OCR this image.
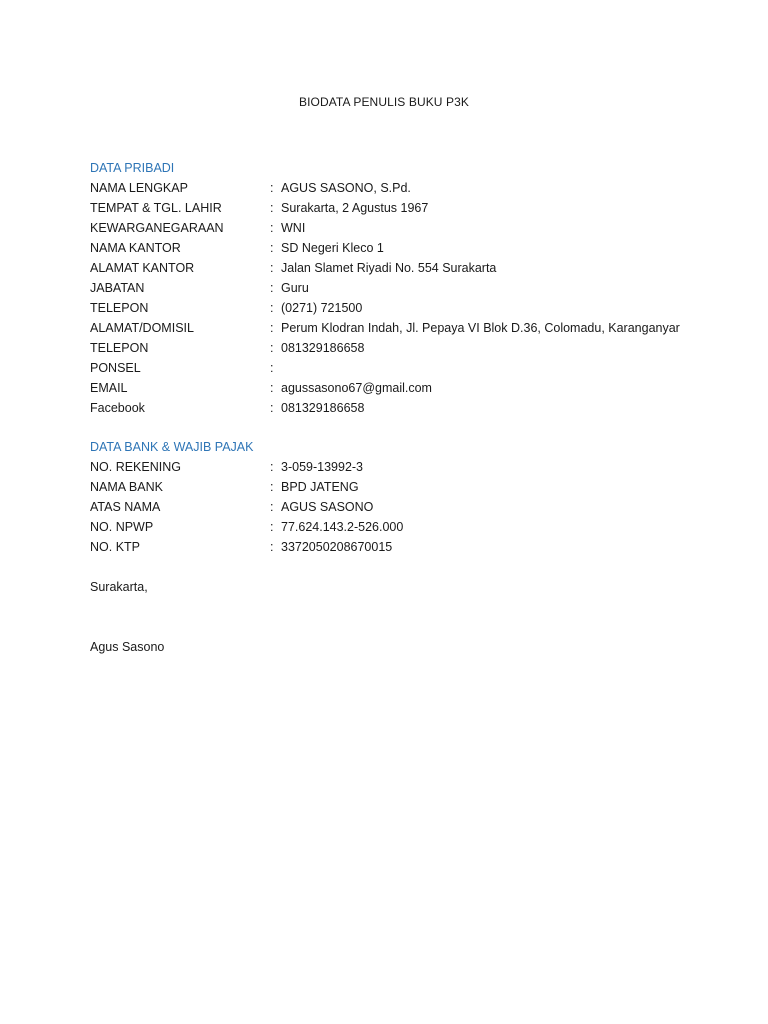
BIODATA PENULIS BUKU P3K
DATA PRIBADI
NAMA LENGKAP	: AGUS SASONO, S.Pd.
TEMPAT & TGL. LAHIR	: Surakarta, 2 Agustus 1967
KEWARGANEGARAAN	: WNI
NAMA KANTOR	: SD Negeri Kleco 1
ALAMAT KANTOR	: Jalan Slamet Riyadi No. 554 Surakarta
JABATAN	: Guru
TELEPON	: (0271) 721500
ALAMAT/DOMISIL	: Perum Klodran Indah, Jl. Pepaya VI Blok D.36, Colomadu, Karanganyar
TELEPON	: 081329186658
PONSEL	:
EMAIL	: agussasono67@gmail.com
Facebook	: 081329186658
DATA BANK & WAJIB PAJAK
NO. REKENING	: 3-059-13992-3
NAMA BANK	: BPD JATENG
ATAS NAMA	: AGUS SASONO
NO. NPWP	: 77.624.143.2-526.000
NO. KTP	: 3372050208670015
Surakarta,
Agus Sasono
